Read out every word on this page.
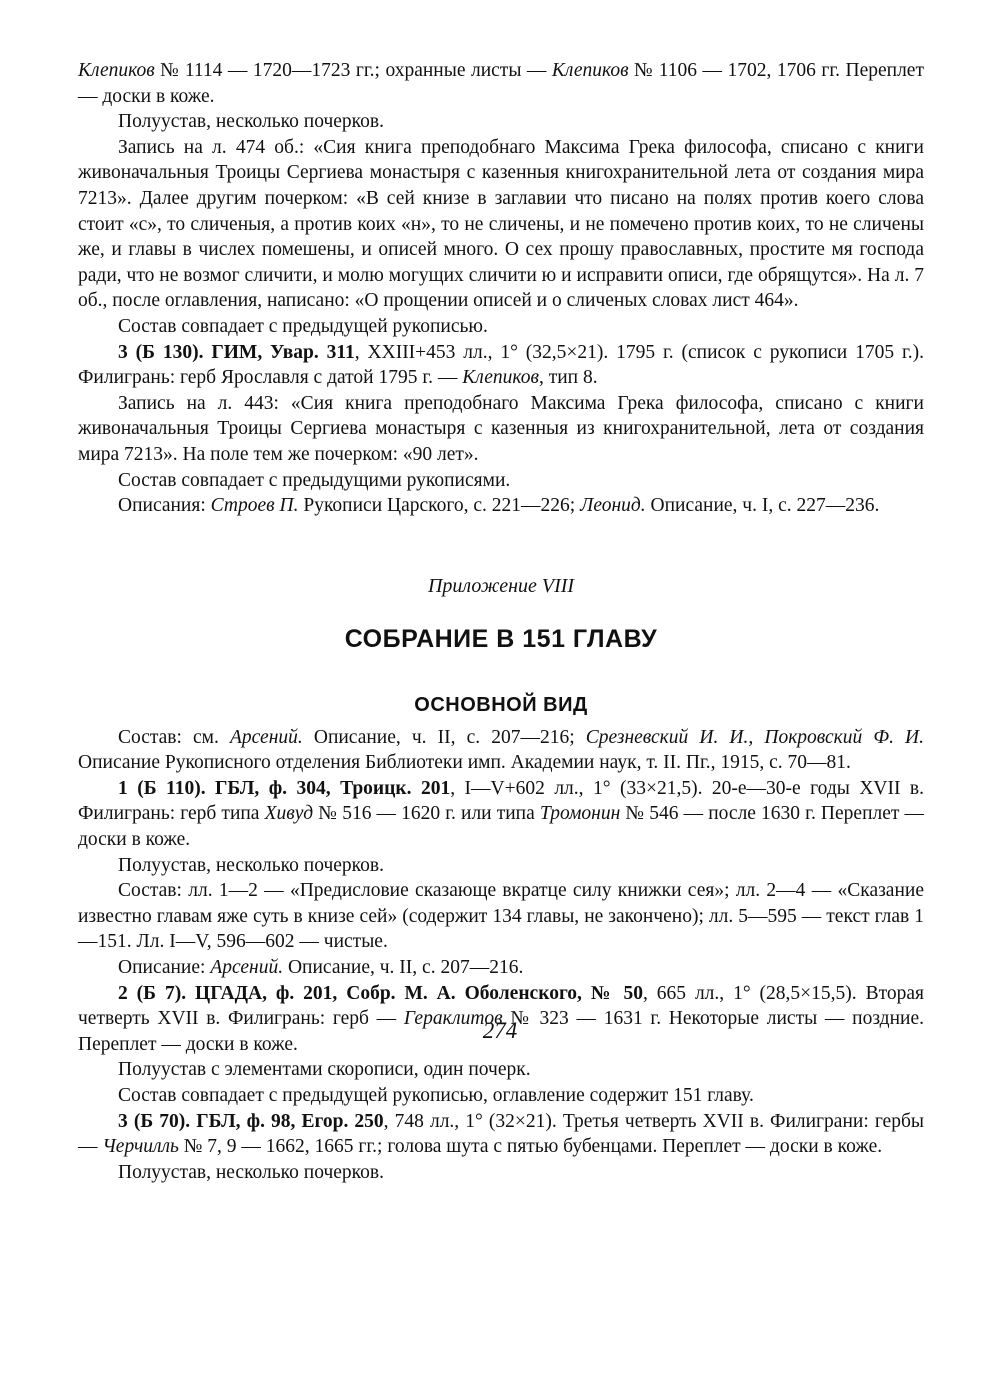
Клепиков № 1114 — 1720—1723 гг.; охранные листы — Клепиков № 1106 — 1702, 1706 гг. Переплет — доски в коже.

Полуустав, несколько почерков.

Запись на л. 474 об.: «Сия книга преподобнаго Максима Грека философа, списано с книги живоначальныя Троицы Сергиева монастыря с казенныя книгохранительной лета от создания мира 7213». Далее другим почерком: «В сей книзе в заглавии что писано на полях против коего слова стоит «с», то сличеныя, а против коих «н», то не сличены, и не помечено против коих, то не сличены же, и главы в числех помешены, и описей много. О сех прошу православных, простите мя господа ради, что не возмог сличити, и молю могущих сличити ю и исправити описи, где обрящутся». На л. 7 об., после оглавления, написано: «О прощении описей и о сличеных словах лист 464».

Состав совпадает с предыдущей рукописью.

3 (Б 130). ГИМ, Увар. 311, XXIII+453 лл., 1° (32,5×21). 1795 г. (список с рукописи 1705 г.). Филигрань: герб Ярославля с датой 1795 г. — Клепиков, тип 8.

Запись на л. 443: «Сия книга преподобнаго Максима Грека философа, списано с книги живоначальныя Троицы Сергиева монастыря с казенныя из книгохранительной, лета от создания мира 7213». На поле тем же почерком: «90 лет».

Состав совпадает с предыдущими рукописями.

Описания: Строев П. Рукописи Царского, с. 221—226; Леонид. Описание, ч. I, с. 227—236.

Приложение VIII

СОБРАНИЕ В 151 ГЛАВУ
ОСНОВНОЙ ВИД

Состав: см. Арсений. Описание, ч. II, с. 207—216; Срезневский И. И., Покровский Ф. И. Описание Рукописного отделения Библиотеки имп. Академии наук, т. II. Пг., 1915, с. 70—81.

1 (Б 110). ГБЛ, ф. 304, Троицк. 201, I—V+602 лл., 1° (33×21,5). 20-е—30-е годы XVII в. Филигрань: герб типа Хивуд № 516 — 1620 г. или типа Тромонин № 546 — после 1630 г. Переплет — доски в коже.

Полуустав, несколько почерков.

Состав: лл. 1—2 — «Предисловие сказающе вкратце силу книжки сея»; лл. 2—4 — «Сказание известно главам яже суть в книзе сей» (содержит 134 главы, не закончено); лл. 5—595 — текст глав 1—151. Лл. I—V, 596—602 — чистые.

Описание: Арсений. Описание, ч. II, с. 207—216.

2 (Б 7). ЦГАДА, ф. 201, Собр. М. А. Оболенского, № 50, 665 лл., 1° (28,5×15,5). Вторая четверть XVII в. Филигрань: герб — Гераклитов № 323 — 1631 г. Некоторые листы — поздние. Переплет — доски в коже.

Полуустав с элементами скорописи, один почерк.

Состав совпадает с предыдущей рукописью, оглавление содержит 151 главу.

3 (Б 70). ГБЛ, ф. 98, Егор. 250, 748 лл., 1° (32×21). Третья четверть XVII в. Филиграни: гербы — Черчилль № 7, 9 — 1662, 1665 гг.; голова шута с пятью бубенцами. Переплет — доски в коже.

Полуустав, несколько почерков.

274
